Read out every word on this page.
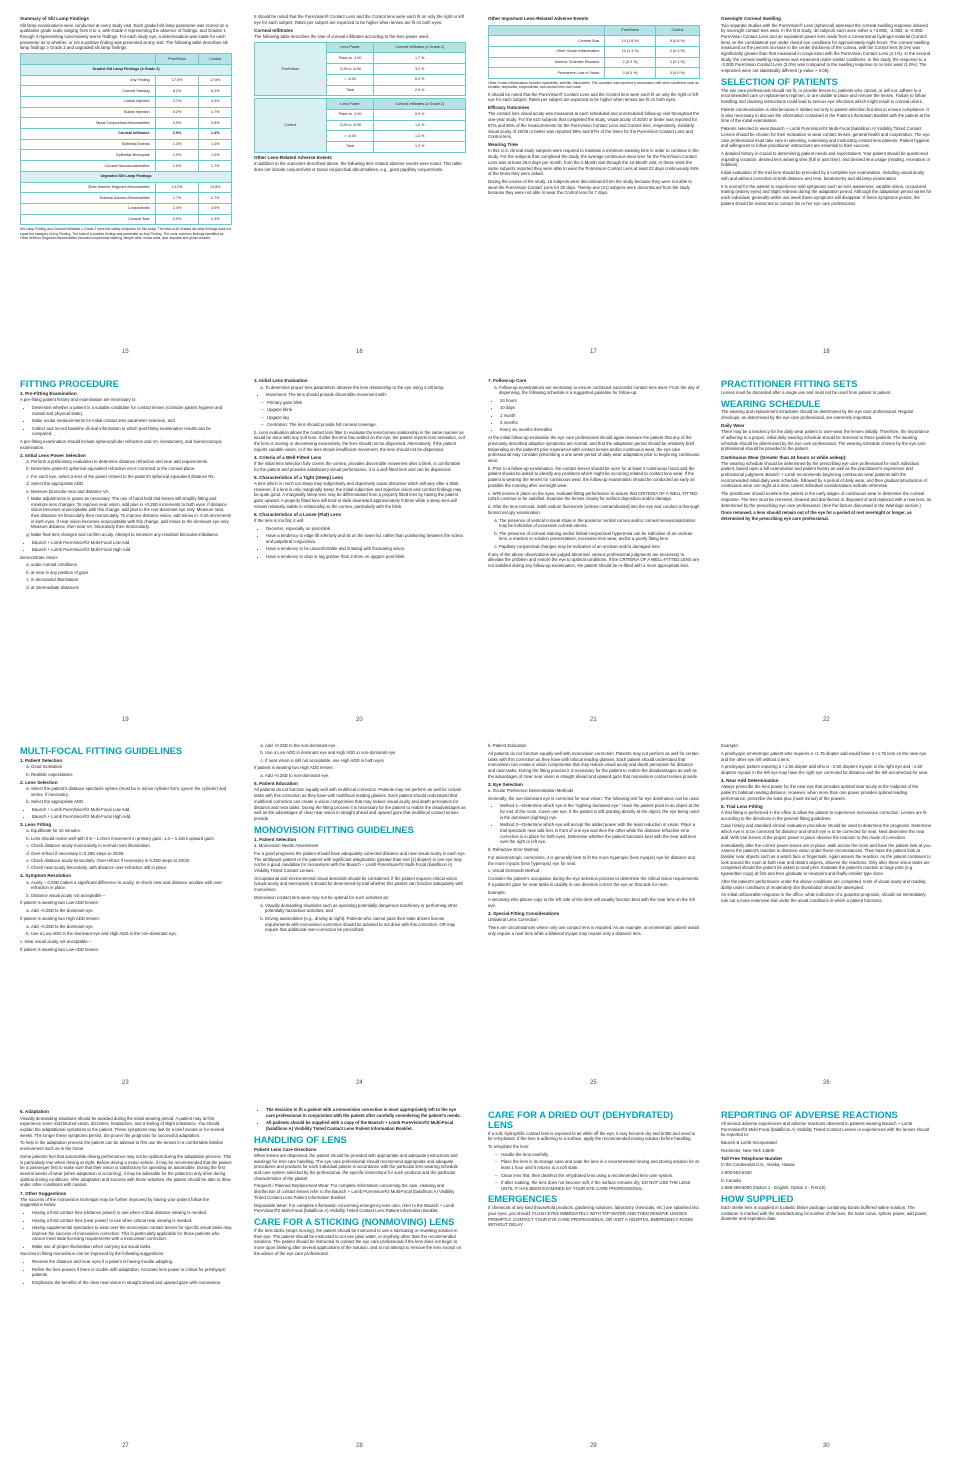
Summary of Slit Lamp Findings

Slit lamp examinations were conducted at every study visit. Each graded slit lamp parameter was scored on a qualitative grade scale ranging from 0 to 4, with Grade 0 representing the absence of findings, and Grades 1 through 4 representing successively worse findings. For each study eye, a determination was made for each parameter as to whether, or not a positive finding was presented at any visit. The following table describes slit lamp findings ≥ Grade 2 and ungraded slit lamp findings.

	PureVision	Control
Graded Slit Lamp Findings (≥ Grade 2)		
Any Finding	17.5%	17.6%
Corneal Staining	8.2%	8.4%
Limbal Injection	3.7%	4.3%
Bulbar Injection	5.2%	4.7%
Tarsal Conjunctival Abnormalities	3.9%	3.9%
Corneal Infiltrates	2.9%	1.3%
Epithelial Edema	1.3%	1.4%
Epithelial Microcysts	1.0%	1.0%
Corneal Neovascularization	1.0%	1.7%
Ungraded Slit Lamp Findings		
Other Anterior Segment Abnormalities	13.2%	13.8%
External Adnexa Abnormalities	2.7%	2.7%
Conjunctivitis	2.4%	2.0%
Corneal Scar	0.0%	0.3%

Slit Lamp Finding and Corneal Infiltrates ≥ Grade 2 were the safety endpoints for this study. The total of all Graded slit lamp findings does not equal the category of Any Finding. The total of a positive finding was presented as Any Finding. The more common findings identified as Other Anterior Segment Abnormalities included conjunctival staining, dimple veils, mucin balls, lipid deposits and ghost vessels.

15

It should be noted that the PureVision® Contact Lens and the Control lens were each fit on only the right or left eye for each subject. Rates per subject are expected to be higher when lenses are fit on both eyes.

Corneal Infiltrates

The following table describes the rate of corneal infiltrates according to the lens power used.

PureVision	Lens Power	Corneal Infiltrates (≥ Grade 2)
	Plano to -3.00	1.7 %
	-3.25 to -6.00	3.2 %
	> -6.00	6.4 %
	Total	2.9 %
Control	Lens Power	Corneal Infiltrates (≥ Grade 2)
	Plano to -3.00	0.9 %
	-3.25 to -6.00	1.5 %
	> -6.00	1.3 %
	Total	1.3 %
Other Lens-Related Adverse Events

In addition to the outcomes described above, the following lens related adverse events were noted. This table does not include conjunctivitis or tarsal conjunctival abnormalities, e.g., giant papillary conjunctivitis.

16
Other Important Lens-Related Adverse Events
	PureVision	Control
Corneal Scar	14 (1.8 %)	5 (0.6 %)
Other Ocular Inflammation	10 (1.3 %)	2 (0.3 %)
Anterior Chamber Reaction	2 (0.3 %)	1 (0.1 %)
Permanent Loss of Vision	0 (0.0 %)	0 (0.0 %)

Other Ocular Inflammation includes episcleritis, scleritis, iritis/uveitis. This condition was reported in association with other conditions such as keratitis, blepharitis, conjunctivitis, and contact lens over-wear.

It should be noted that the PureVision® Contact Lens and the Control lens were each fit on only the right or left eye for each subject. Rates per subject are expected to be higher when lenses are fit on both eyes.

Efficacy Outcomes

The contact lens visual acuity was measured at each scheduled and unscheduled follow-up visit throughout the one-year study. For the 610 subjects that completed the study, visual acuity of 20/20 or better was reported for 87% and 86% of the measurements for the PureVision Contact Lens and Control lens, respectively. Similarly, visual acuity of 20/25 or better was reported 98% and 97% of the times for the PureVision Contact Lens and Control lens.

Wearing Time

In this U.S. clinical study subjects were required to maintain a minimum wearing time in order to continue in the study. For the subjects that completed the study, the average continuous wear time for the PureVision Contact Lens was at least 28.0 days per month, from the 2-Month visit through the 12-Month visit. At these visits the same subjects reported they were able to wear the PureVision Contact Lens at least 22 days continuously 94% of the times they were asked.

During the course of the study, 15 subjects were discontinued from the study because they were not able to wear the PureVision Contact Lens for 30 days. Twenty-one (21) subjects were discontinued from the study because they were not able to wear the Control lens for 7 days.

17
Overnight Corneal Swelling

Two separate studies with the PureVision® Lens (spherical) assessed the corneal swelling response induced by overnight contact lens wear. In the first study, 30 subjects each wore either a +3.00D, -3.00D, or -9.00D PureVision Contact Lens and an equivalent power lens made from a conventional hydrogel material (Control lens) on the contralateral eye under closed eye conditions for approximately eight hours. The corneal swelling, measured as the percent increase in the center thickness of the cornea, with the Control lens (9.1%) was significantly greater than that measured in conjunction with the PureVision Contact Lens (4.1%). In the second study, the corneal swelling response was measured under similar conditions. In this study, the response to a -3.00D PureVision Contact Lens (3.0%) was compared to the swelling response to no lens wear (1.9%). The responses were not statistically different (p-value > 0.05).

SELECTION OF PATIENTS

The eye care professional should not fit, or provide lenses to, patients who cannot, or will not, adhere to a recommended care or replacement regimen, or are unable to place and remove the lenses. Failure to follow handling and cleaning instructions could lead to serious eye infections which might result in corneal ulcers.

Patient communication is vital because it relates not only to patient selection but also to ensure compliance. It is also necessary to discuss the information contained in the Patient Information Booklet with the patient at the time of the initial examination.

Patients selected to wear Bausch + Lomb PureVision®2 Multi-Focal (balafilcon A) Visibility Tinted Contact Lenses should be chosen for their motivation to wear contact lenses, general health and cooperation. The eye care professional must take care in selecting, examining and instructing contact lens patients. Patient hygiene and willingness to follow practitioner instructions are essential to their success.

A detailed history is crucial to determining patient needs and expectations. Your patient should be questioned regarding vocation, desired lens wearing time (full or part time), and desired lens usage (reading, recreation or hobbies).

Initial evaluation of the trial lens should be preceded by a complete eye examination, including visual acuity with and without correction at both distance and near, keratometry and slit lamp examination.

It is normal for the patient to experience mild symptoms such as lens awareness, variable vision, occasional tearing (watery eyes) and slight redness during the adaptation period. Although the adaptation period varies for each individual, generally within one week these symptoms will disappear. If these symptoms persist, the patient should be instructed to contact his or her eye care professional.

18
FITTING PROCEDURE
1. Pre-Fitting Examination

A pre-fitting patient history and examination are necessary to:

• Determine whether a patient is a suitable candidate for contact lenses (consider patient hygiene and mental and physical state),
• Make ocular measurements for initial contact lens parameter selection, and
• Collect and record baseline clinical information to which post-fitting examination results can be compared.

A pre-fitting examination should include spherocylinder refraction and VA, keratometry, and biomicroscopic examination.

2. Initial Lens Power Selection
a. Perform a preliminary evaluation to determine distance refraction and near add requirements.
b. Determine patient's spherical equivalent refractive error corrected to the corneal plane.
c. For each eye, select a lens of the power closest to the patient's spherical equivalent distance Rx.
d. Select the appropriate ADD.
e. Measure binocular near and distance VA.
f. Make adjustments in power as necessary. The use of hand held trial lenses will simplify fitting and minimize lens changes. To improve near vision, add plus in +0.25D increments to both eyes. If distance vision becomes unacceptable with this change, add plus to the non-dominant eye only. Measure near, then distance VA binocularly then monocularly. To improve distance vision, add minus in -0.25 increments in both eyes. If near vision becomes unacceptable with this change, add minus to the dominant eye only. Measure distance, then near VA, binocularly then monocularly.
g. Make final lens changes and confirm acuity. Attempt to minimize any resultant binocular imbalance.
• Bausch + Lomb PureVision®2 Multi-Focal Low Add
• Bausch + Lomb PureVision®2 Multi-Focal High Add

Demonstrate vision:

a. under normal conditions
b. at near in any position of gaze
c. in decreased illumination
d. at intermediate distances
19
3. Initial Lens Evaluation
a. To determine proper lens parameters observe the lens relationship to the eye using a slit lamp.
• Movement: The lens should provide discernible movement with:
– Primary gaze blink
– Upgaze blink
– Upgaze lag
– Centration: The lens should provide full corneal coverage.

b. Lens evaluation allows the contact lens fitter to evaluate the lens/cornea relationship in the same manner as would be done with any soft lens. If after the lens has settled on the eye, the patient reports lens sensation, or if the lens is moving or decentering excessively, the lens should not be dispensed. Alternatively, if the patient reports variable vision, or if the lens shows insufficient movement, the lens should not be dispensed.

4. Criteria of a Well-Fitted Lens

If the initial lens selection fully covers the cornea, provides discernible movement after a blink, is comfortable for the patient and provides satisfactory visual performance, it is a well fitted lens and can be dispensed.

5. Characteristics of a Tight (Steep) Lens

A lens which is much too steep may subjectively and objectively cause distortion which will vary after a blink. However, if a lens is only marginally steep, the initial subjective and objective vision and comfort findings may be quite good. A marginally steep lens may be differentiated from a properly fitted lens by having the patient gaze upward. A properly fitted lens will tend to slide downward approximately 0.5mm while a steep lens will remain relatively stable in relationship to the cornea, particularly with the blink.

6. Characteristics of a Loose (Flat) Lens

If the lens is too flat, it will:

• Decenter, especially on post-blink.
• Have a tendency to edge lift inferiorly and sit on the lower lid, rather than positioning between the sclera and palpebral conjunctiva.
• Have a tendency to be uncomfortable and irritating with fluctuating vision.
• Have a tendency to drop or lag greater than 2.0mm on upgaze post-blink.
20
7. Follow-up Care
a. Follow-up examinations are necessary to ensure continued successful contact lens wear. From the day of dispensing, the following schedule is a suggested guideline for follow-up:
• 24 hours
• 10 days
• 1 month
• 3 months
• Every six months thereafter

At the initial follow-up evaluation the eye care professional should again reassure the patient that any of the previously described adaptive symptoms are normal, and that the adaptation period should be relatively brief. Depending on the patient's prior experience with contact lenses and/or continuous wear, the eye care professional may consider prescribing a one week period of daily wear adaptation prior to beginning continuous wear.

b. Prior to a follow-up examination, the contact lenses should be worn for at least 4 continuous hours and the patient should be asked to identify any problems which might be occurring related to contact lens wear. If the patient is wearing the lenses for continuous wear, the follow-up examination should be conducted as early as possible the morning after overnight wear.

c. With lenses in place on the eyes, evaluate fitting performance to assure that CRITERIA OF A WELL FITTED LENS continue to be satisfied. Examine the lenses closely for surface deposition and/or damage.

d. After the lens removal, instill sodium fluorescein [unless contraindicated] into the eye and conduct a thorough biomicroscopy examination.

a. The presence of vertical corneal striae in the posterior central cornea and/or corneal neovascularization may be indicative of excessive corneal edema.
b. The presence of corneal staining and/or limbal-conjunctival hyperemia can be indicative of an unclean lens, a reaction to solution preservatives, excessive lens wear, and/or a poorly fitting lens.
c. Papillary conjunctival changes may be indicative of an unclean and/or damaged lens.

If any of the above observations are judged abnormal, various professional judgments are necessary to alleviate the problem and restore the eye to optimal conditions. If the CRITERIA OF A WELL-FITTED LENS are not satisfied during any follow-up examination, the patient should be re-fitted with a more appropriate lens.

21
PRACTITIONER FITTING SETS

Lenses must be discarded after a single use and must not be used from patient to patient.

WEARING SCHEDULE

The wearing and replacement schedules should be determined by the eye care professional. Regular checkups, as determined by the eye care professional, are extremely important.

Daily Wear

There may be a tendency for the daily wear patient to over-wear the lenses initially. Therefore, the importance of adhering to a proper, initial daily wearing schedule should be stressed to these patients. The wearing schedule should be determined by the eye care professional. The wearing schedule chosen by the eye care professional should be provided to the patient.

Continuous Wear (Greater than 24 hours or while asleep):

The wearing schedule should be determined by the prescribing eye care professional for each individual patient, based upon a full examination and patient history as well as the practitioner's experience and professional judgment. Bausch + Lomb recommends beginning continuous wear patients with the recommended initial daily wear schedule, followed by a period of daily wear, and then gradual introduction of continuous wear one night at a time, unless individual considerations indicate otherwise.

The practitioner should examine the patient in the early stages of continuous wear to determine the corneal response. The lens must be removed, cleaned and disinfected or disposed of and replaced with a new lens, as determined by the prescribing eye care professional. (See the factors discussed in the Warnings section.)

Once removed, a lens should remain out of the eye for a period of rest overnight or longer, as determined by the prescribing eye care professional.

22
MULTI-FOCAL FITTING GUIDELINES
1. Patient Selection
a. Good motivation
b. Realistic expectations
2. Lens Selection
a. Select the patient's distance spectacle sphere (must be in minus cylinder form; ignore the cylinder) and vertex, if necessary.
b. Select the appropriate ADD.
• Bausch + Lomb PureVision®2 Multi-Focal Low Add.
• Bausch + Lomb PureVision®2 Multi-Focal High Add.
3. Lens Fitting
a. Equilibrate for 10 minutes.
b. Lens should center well with 0.5 – 1.0mm movement in primary gaze, 1.0 – 1.5mm upward gaze.
c. Check distance acuity monocularly in normal room illumination.
d. Over-refract if necessary in 0.25D steps to 20/25.
e. Check distance acuity binocularly. Over-refract if necessary in 0.25D steps to 20/20.
f. Check near acuity binocularly, with distance over-refraction still in place.
4. Symptom Resolution
a. Acuity – 0.25D makes a significant difference in acuity, re-check near and distance acuities with over-refraction in place.
b. Distance visual acuity not acceptable –

If patient is wearing two Low ADD lenses:

a. Add –0.25D to the dominant eye.

If patient is wearing two High ADD lenses:

a. Add –0.25D to the dominant eye.
b. Use a Low ADD in the dominant eye and High ADD in the non-dominant eye.

c. Near visual acuity not acceptable –

If patient is wearing two Low ADD lenses:

23
a. Add +0.25D to the non-dominant eye
b. Use a Low ADD in dominant eye and High ADD in non-dominant eye
c. If near vision is still not acceptable, use High ADD in both eyes

If patient is wearing two High ADD lenses:

a. Add +0.25D to non-dominant eye.
5. Patient Education

All patients do not function equally well with multifocal correction. Patients may not perform as well for certain tasks with this correction as they have with multifocal reading glasses. Each patient should understand that multifocal correction can create a vision compromise that may reduce visual acuity and depth perception for distance and near tasks. During the fitting process it is necessary for the patient to realize the disadvantages as well as the advantages of clear near vision in straight ahead and upward gaze that multifocal contact lenses provide.

MONOVISION FITTING GUIDELINES
1. Patient Selection

a. Monovision Needs Assessment

For a good prognosis the patient should have adequately corrected distance and near visual acuity in each eye. The amblyopic patient or the patient with significant astigmatism (greater than one [1] diopter) in one eye may not be a good candidate for monovision with the Bausch + Lomb PureVision®2 Multi-Focal (balafilcon A) Visibility Tinted Contact Lenses.

Occupational and environmental visual demands should be considered. If the patient requires critical vision (visual acuity and stereopsis) it should be determined by trial whether this patient can function adequately with monovision.

Monovision contact lens wear may not be optimal for such activities as:

a. Visually demanding situations such as operating potentially dangerous machinery or performing other potentially hazardous activities; and
b. Driving automobiles (e.g., driving at night). Patients who cannot pass their state drivers license requirements with monovision correction should be advised to not drive with this correction, OR may require that additional over-correction be prescribed.
24

b. Patient Education

All patients do not function equally well with monovision correction. Patients may not perform as well for certain tasks with this correction as they have with bifocal reading glasses. Each patient should understand that monovision can create a vision compromise that may reduce visual acuity and depth perception for distance and near tasks. During the fitting process it is necessary for the patient to realize the disadvantages as well as the advantages of clear near vision in straight ahead and upward gaze that monovision contact lenses provide.

2. Eye Selection

a. Ocular Preference Determination Methods

Generally, the non-dominant eye is corrected for near vision. The following test for eye dominance can be used.

• Method 1—Determine which eye is the "sighting dominant eye." Have the patient point to an object at the far end of the room. Cover one eye. If the patient is still pointing directly at the object, the eye being used is the dominant (sighting) eye.
• Method 2—Determine which eye will accept the added power with the least reduction in vision. Place a trial spectacle near add lens in front of one eye and then the other while the distance refractive error correction is in place for both eyes. Determine whether the patient functions best with the near add lens over the right or left eye.

b. Refractive Error Method

For anisometropic corrections, it is generally best to fit the more hyperopic (less myopic) eye for distance and the more myopic (less hyperopic) eye for near.

c. Visual Demands Method

Consider the patient's occupation during the eye selection process to determine the critical vision requirements. If a patient's gaze for near tasks is usually in one direction correct the eye on that side for near.

Example:

A secretary who places copy to the left side of the desk will usually function best with the near lens on the left eye.

3. Special Fitting Considerations

Unilateral Lens Correction

There are circumstances where only one contact lens is required. As an example, an emmetropic patient would only require a near lens while a bilateral myope may require only a distance lens.

25

Example:

A presbyopic emmetropic patient who requires a +1.75 diopter add would have a +1.75 lens on the near eye and the other eye left without a lens.

A presbyopic patient requiring a +1.50 diopter add who is –2.50 diopters myopic in the right eye and –1.50 diopters myopic in the left eye may have the right eye corrected for distance and the left uncorrected for near.

4. Near Add Determination

Always prescribe the lens power for the near eye that provides optimal near acuity at the midpoint of the patient's habitual reading distance. However, when more than one power provides optimal reading performance, prescribe the least plus (most minus) of the powers.

5. Trial Lens Fitting

A trial fitting is performed in the office to allow the patient to experience monovision correction. Lenses are fit according to the directions in the general fitting guidelines.

Case history and standard clinical evaluation procedure should be used to determine the prognosis. Determine which eye is to be corrected for distance and which eye is to be corrected for near. Next determine the near add. With trial lenses of the proper power in place observe the reaction to this mode of correction.

Immediately after the correct power lenses are in place, walk across the room and have the patient look at you. Assess the patient's reaction to distance vision under these circumstances. Then have the patient look at familiar near objects such as a watch face or fingernails. Again assess the reaction. As the patient continues to look around the room at both near and distant objects, observe the reactions. Only after these vision tasks are completed should the patient be asked to read print. Evaluate the patient's reaction to large print (e.g. typewritten copy) at first and then graduate to newsprint and finally smaller type sizes.

After the patient's performance under the above conditions are completed, tests of visual acuity and reading ability under conditions of moderately dim illumination should be attempted.

An initial unfavorable response in the office, while indicative of a guarded prognosis, should not immediately rule out a more extensive trial under the usual conditions in which a patient functions.

26
6. Adaptation

Visually demanding situations should be avoided during the initial wearing period. A patient may at first experience some mild blurred vision, dizziness, headaches, and a feeling of slight imbalance. You should explain the adaptational symptoms to the patient. These symptoms may last for a brief minute or for several weeks. The longer these symptoms persist, the poorer the prognosis for successful adaptation.

To help in the adaptation process the patient can be advised to first use the lenses in a comfortable familiar environment such as in the home.

Some patients feel that automobile driving performance may not be optimal during the adaptation process. This is particularly true when driving at night. Before driving a motor vehicle, it may be recommended that the patient be a passenger first to make sure that their vision is satisfactory for operating an automobile. During the first several weeks of wear (when adaptation is occurring), it may be advisable for the patient to only drive during optimal driving conditions. After adaptation and success with these activities, the patient should be able to drive under other conditions with caution.

7. Other Suggestions

The success of the monovision technique may be further improved by having your patient follow the suggestions below.

• Having a third contact lens (distance power) to use when critical distance viewing is needed.
• Having a third contact lens (near power) to use when critical near viewing is needed.
• Having supplemental spectacles to wear over the monovision contact lenses for specific visual tasks may improve the success of monovision correction. This is particularly applicable for those patients who cannot meet state licensing requirements with a monovision correction.
• Make use of proper illumination when carrying out visual tasks.

Success in fitting monovision can be improved by the following suggestions:

• Reverse the distance and near eyes if a patient is having trouble adapting.
• Refine the lens powers if there is trouble with adaptation. Accurate lens power is critical for presbyopic patients.
• Emphasize the benefits of the clear near vision in straight ahead and upward gaze with monovision.
27
• The decision to fit a patient with a monovision correction is most appropriately left to the eye care professional in conjunction with the patient after carefully considering the patient's needs.
• All patients should be supplied with a copy of the Bausch + Lomb PureVision®2 Multi-Focal (balafilcon A) Visibility Tinted Contact Lens Patient Information Booklet.
HANDLING OF LENS
Patient Lens Care Directions

When lenses are dispensed, the patient should be provided with appropriate and adequate instructions and warnings for lens care handling. The eye care professional should recommend appropriate and adequate procedures and products for each individual patient in accordance with the particular lens wearing schedule and care system selected by the professional, the specific instructions for such products and the particular characteristics of the patient.

Frequent / Planned Replacement Wear: For complete information concerning the care, cleaning and disinfection of contact lenses refer to the Bausch + Lomb PureVision®2 Multi-Focal (balafilcon A) Visibility Tinted Contact Lens Patient Information Booklet.

Disposable Wear: For complete information concerning emergency lens care, refer to the Bausch + Lomb PureVision®2 Multi-Focal (balafilcon A) Visibility Tinted Contact Lens Patient Information Booklet.

CARE FOR A STICKING (NONMOVING) LENS

If the lens sticks (stops moving), the patient should be instructed to use a lubricating or rewetting solution in their eye. The patient should be instructed to not use plain water, or anything other than the recommended solutions. The patient should be instructed to contact the eye care professional if the lens does not begin to move upon blinking after several applications of the solution, and to not attempt to remove the lens except on the advice of the eye care professional.

28
CARE FOR A DRIED OUT (DEHYDRATED) LENS

If a soft, hydrophilic contact lens is exposed to air while off the eye, it may become dry and brittle and need to be rehydrated. If the lens is adhering to a surface, apply the recommended rinsing solution before handling.

To rehydrate the lens:

– Handle the lens carefully.
– Place the lens in its storage case and soak the lens in a recommended rinsing and storing solution for at least 1 hour until it returns to a soft state.
– Clean lens first, then disinfect the rehydrated lens using a recommended lens care system.
– If after soaking, the lens does not become soft, if the surface remains dry, DO NOT USE THE LENS UNTIL IT HAS BEEN EXAMINED BY YOUR EYE CARE PROFESSIONAL.
EMERGENCIES

If chemicals of any kind (household products, gardening solutions, laboratory chemicals, etc.) are splashed into your eyes, you should: FLUSH EYES IMMEDIATELY WITH TAP WATER AND THEN REMOVE LENSES PROMPTLY. CONTACT YOUR EYE CARE PROFESSIONAL OR VISIT A HOSPITAL EMERGENCY ROOM WITHOUT DELAY.

29
REPORTING OF ADVERSE REACTIONS

All serious adverse experiences and adverse reactions observed in patients wearing Bausch + Lomb PureVision®2 Multi-Focal (balafilcon A) Visibility Tinted Contact Lenses or experienced with the lenses should be reported to:

Bausch & Lomb Incorporated

Rochester, New York 14609

Toll Free Telephone Number

In the Continental U.S., Alaska, Hawaii

1-800-553-5340

In Canada

1-888-459-5000 (Option 1 - English, Option 2 - French)

HOW SUPPLIED

Each sterile lens is supplied in a plastic blister package containing borate buffered saline solution. The container is marked with the manufacturing lot number of the lens, the base curve, sphere power, add power, diameter and expiration date.

30
